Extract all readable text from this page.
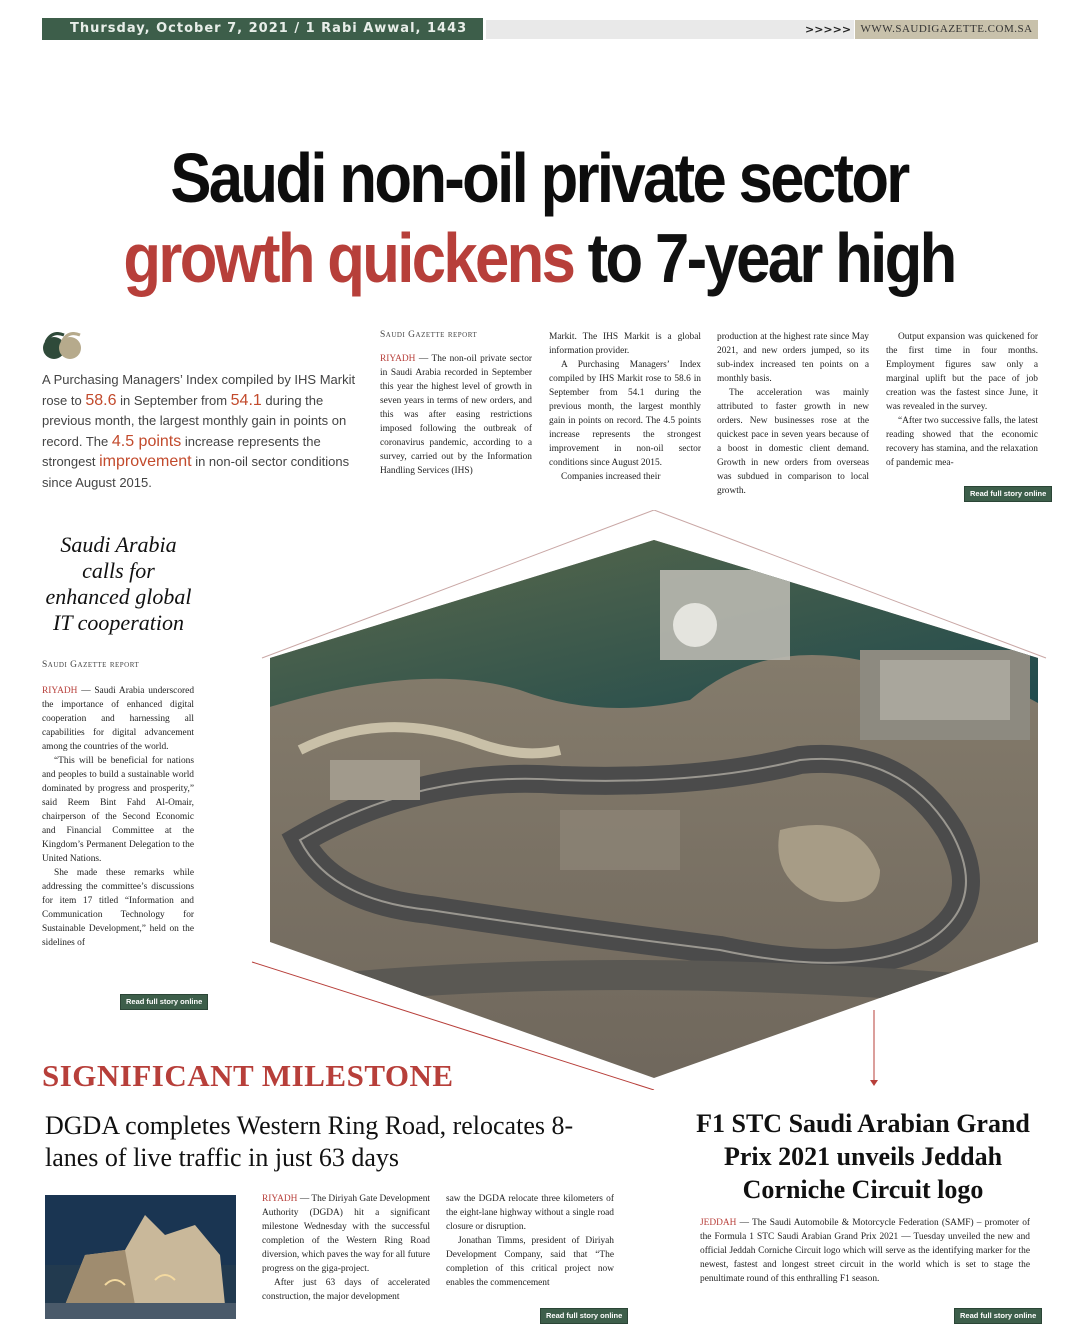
Thursday, October 7, 2021 / 1 Rabi Awwal, 1443	>>>>> WWW.SAUDIGAZETTE.COM.SA
Saudi non-oil private sector
growth quickens to 7-year high
A Purchasing Managers’ Index compiled by IHS Markit rose to 58.6 in September from 54.1 during the previous month, the largest monthly gain in points on record. The 4.5 points increase represents the strongest improvement in non-oil sector conditions since August 2015.
Saudi Gazette report

RIYADH — The non-oil private sector in Saudi Arabia recorded in September this year the highest level of growth in seven years in terms of new orders, and this was after easing restrictions imposed following the outbreak of coronavirus pandemic, according to a survey, carried out by the Information Handling Services (IHS)

Markit. The IHS Markit is a global information provider.

A Purchasing Managers’ Index compiled by IHS Markit rose to 58.6 in September from 54.1 during the previous month, the largest monthly gain in points on record. The 4.5 points increase represents the strongest improvement in non-oil sector conditions since August 2015.

Companies increased their

production at the highest rate since May 2021, and new orders jumped, so its sub-index increased ten points on a monthly basis.

The acceleration was mainly attributed to faster growth in new orders. New businesses rose at the quickest pace in seven years because of a boost in domestic client demand. Growth in new orders from overseas was subdued in comparison to local growth.

Output expansion was quickened for the first time in four months. Employment figures saw only a marginal uplift but the pace of job creation was the fastest since June, it was revealed in the survey.

“After two successive falls, the latest reading showed that the economic recovery has stamina, and the relaxation of pandemic mea-

Read full story online
Saudi Arabia calls for enhanced global IT cooperation
Saudi Gazette report

RIYADH — Saudi Arabia underscored the importance of enhanced digital cooperation and harnessing all capabilities for digital advancement among the countries of the world.

“This will be beneficial for nations and peoples to build a sustainable world dominated by progress and prosperity,” said Reem Bint Fahd Al-Omair, chairperson of the Second Economic and Financial Committee at the Kingdom’s Permanent Delegation to the United Nations.

She made these remarks while addressing the committee’s discussions for item 17 titled “Information and Communication Technology for Sustainable Development,” held on the sidelines of

Read full story online
SIGNIFICANT MILESTONE
DGDA completes Western Ring Road, relocates 8-lanes of live traffic in just 63 days

RIYADH — The Diriyah Gate Development Authority (DGDA) hit a significant milestone Wednesday with the successful completion of the Western Ring Road diversion, which paves the way for all future progress on the giga-project.

After just 63 days of accelerated construction, the major development

saw the DGDA relocate three kilometers of the eight-lane highway without a single road closure or disruption.

Jonathan Timms, president of Diriyah Development Company, said that “The completion of this critical project now enables the commencement

Read full story online
F1 STC Saudi Arabian Grand Prix 2021 unveils Jeddah Corniche Circuit logo

JEDDAH — The Saudi Automobile & Motorcycle Federation (SAMF) – promoter of the Formula 1 STC Saudi Arabian Grand Prix 2021 — Tuesday unveiled the new and official Jeddah Corniche Circuit logo which will serve as the identifying marker for the newest, fastest and longest street circuit in the world which is set to stage the penultimate round of this enthralling F1 season.

Read full story online
